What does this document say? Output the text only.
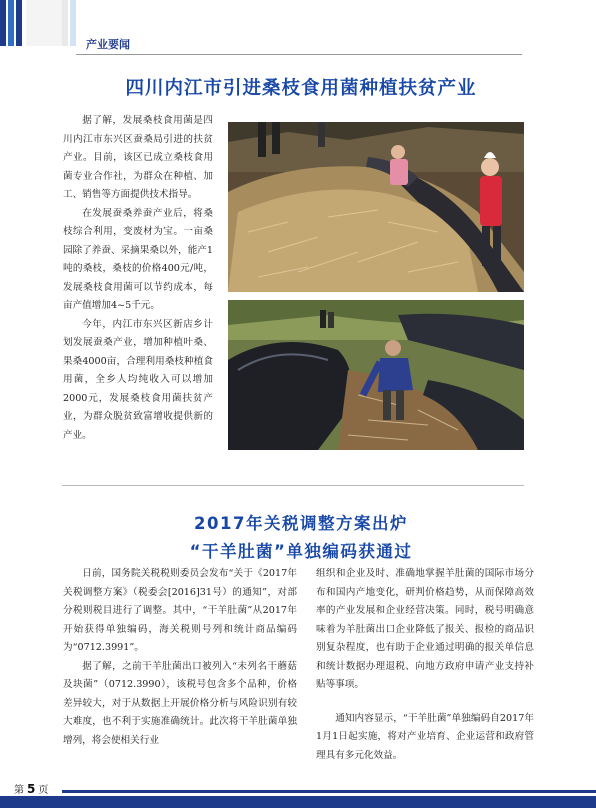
产业要闻
四川内江市引进桑枝食用菌种植扶贫产业

据了解，发展桑枝食用菌是四川内江市东兴区蚕桑局引进的扶贫产业。目前，该区已成立桑枝食用菌专业合作社，为群众在种植、加工、销售等方面提供技术指导。

在发展蚕桑养蚕产业后，将桑枝综合利用，变废材为宝。一亩桑园除了养蚕、采摘果桑以外，能产1吨的桑枝，桑枝的价格400元/吨，发展桑枝食用菌可以节约成本，每亩产值增加4~5千元。

今年，内江市东兴区新店乡计划发展蚕桑产业，增加种植叶桑、果桑4000亩，合理利用桑枝种植食用菌，全乡人均纯收入可以增加2000元，发展桑枝食用菌扶贫产业，为群众脱贫致富增收提供新的产业。

2017年关税调整方案出炉
“干羊肚菌”单独编码获通过

日前，国务院关税税则委员会发布“关于《2017年关税调整方案》（税委会[2016]31号）的通知”，对部分税则税目进行了调整。其中，“干羊肚菌”从2017年开始获得单独编码，海关税则号列和统计商品编码为“0712.3991”。

据了解，之前干羊肚菌出口被列入“未列名干蘑菇及块菌”（0712.3990），该税号包含多个品种，价格差异较大，对于从数据上开展价格分析与风险识别有较大难度，也不利于实施准确统计。此次将干羊肚菌单独增列，将会使相关行业

组织和企业及时、准确地掌握羊肚菌的国际市场分布和国内产地变化，研判价格趋势，从而保障高效率的产业发展和企业经营决策。同时，税号明确意味着为羊肚菌出口企业降低了报关、报检的商品识别复杂程度，也有助于企业通过明确的报关单信息和统计数据办理退税、向地方政府申请产业支持补贴等事项。

通知内容显示，“干羊肚菌”单独编码自2017年1月1日起实施，将对产业培育、企业运营和政府管理具有多元化效益。

第 5 页
